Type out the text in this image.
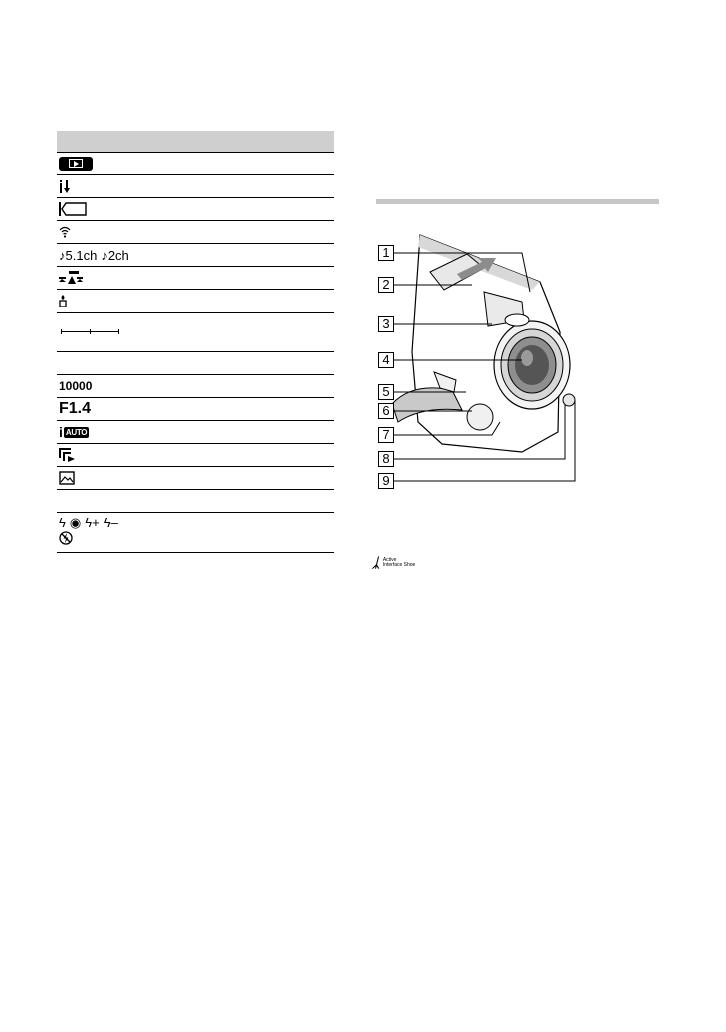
♪5.1ch ♪2ch
10000
F1.4
i AUTO
ϟ ◉ ϟ+ ϟ–
1
2
3
4
5
6
7
8
9
ᛣ Active
Interface Shoe
